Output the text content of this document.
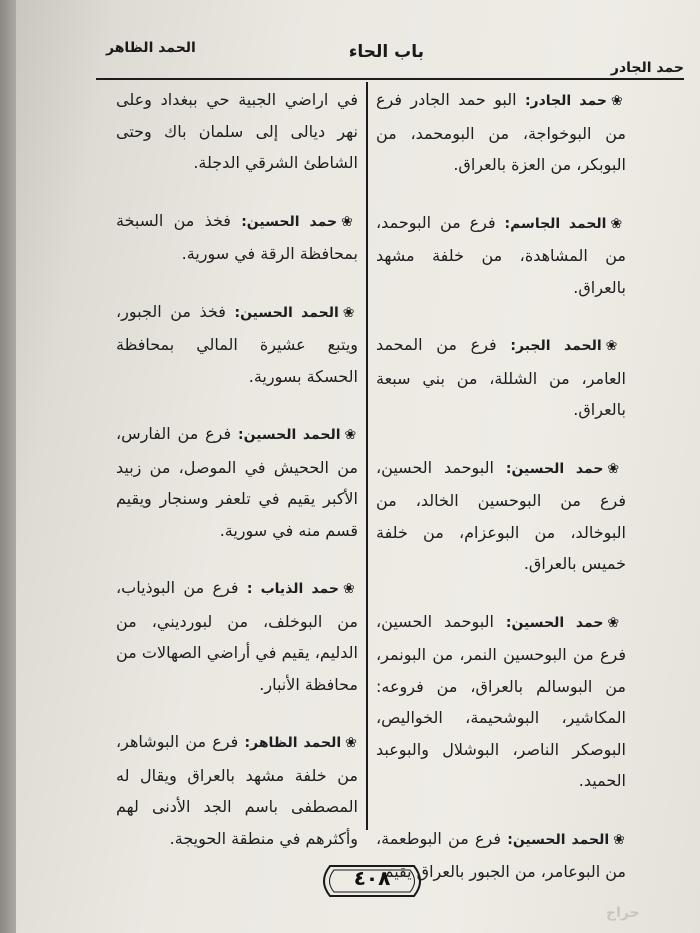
حمد الجادر
باب الحاء
الحمد الظاهر

❀حمد الجادر: البو حمد الجادر فرع من البوخواجة، من البومحمد، من البوبكر، من العزة بالعراق.

❀الحمد الجاسم: فرع من البوحمد، من المشاهدة، من خلفة مشهد بالعراق.

❀الحمد الجبر: فرع من المحمد العامر، من الشللة، من بني سبعة بالعراق.

❀حمد الحسين: البوحمد الحسين، فرع من البوحسين الخالد، من البوخالد، من البوعزام، من خلفة خميس بالعراق.

❀حمد الحسين: البوحمد الحسين، فرع من البوحسين النمر، من البونمر، من البوسالم بالعراق، من فروعه: المكاشير، البوشحيمة، الخواليص، البوصكر الناصر، البوشلال والبوعبد الحميد.

❀الحمد الحسين: فرع من البوطعمة، من البوعامر، من الجبور بالعراق يقيم

في اراضي الجبية حي ببغداد وعلى نهر ديالى إلى سلمان باك وحتى الشاطئ الشرقي الدجلة.

❀حمد الحسين: فخذ من السبخة بمحافظة الرقة في سورية.

❀الحمد الحسين: فخذ من الجبور، ويتبع عشيرة المالي بمحافظة الحسكة بسورية.

❀الحمد الحسين: فرع من الفارس، من الححيش في الموصل، من زبيد الأكبر يقيم في تلعفر وسنجار ويقيم قسم منه في سورية.

❀حمد الذياب : فرع من البوذياب، من البوخلف، من لبورديني، من الدليم، يقيم في أراضي الصهالات من محافظة الأنبار.

❀الحمد الظاهر: فرع من البوشاهر، من خلفة مشهد بالعراق ويقال له المصطفى باسم الجد الأدنى لهم وأكثرهم في منطقة الحويجة.

٤٠٨
حراج
